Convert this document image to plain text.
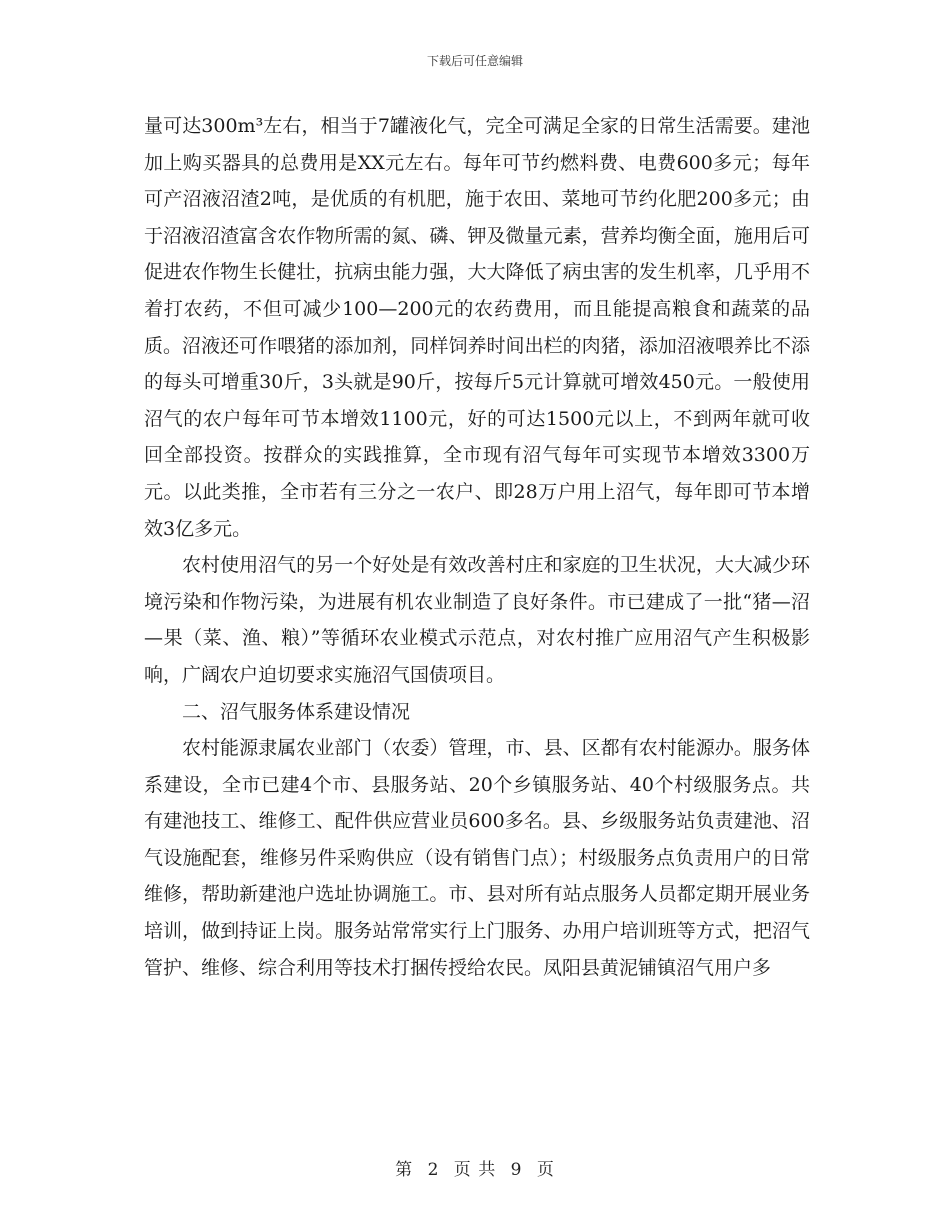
下载后可任意编辑

量可达300m³左右，相当于7罐液化气，完全可满足全家的日常生活需要。建池加上购买器具的总费用是XX元左右。每年可节约燃料费、电费600多元；每年可产沼液沼渣2吨，是优质的有机肥，施于农田、菜地可节约化肥200多元；由于沼液沼渣富含农作物所需的氮、磷、钾及微量元素，营养均衡全面，施用后可促进农作物生长健壮，抗病虫能力强，大大降低了病虫害的发生机率，几乎用不着打农药，不但可减少100—200元的农药费用，而且能提高粮食和蔬菜的品质。沼液还可作喂猪的添加剂，同样饲养时间出栏的肉猪，添加沼液喂养比不添的每头可增重30斤，3头就是90斤，按每斤5元计算就可增效450元。一般使用沼气的农户每年可节本增效1100元，好的可达1500元以上，不到两年就可收回全部投资。按群众的实践推算，全市现有沼气每年可实现节本增效3300万元。以此类推，全市若有三分之一农户、即28万户用上沼气，每年即可节本增效3亿多元。

农村使用沼气的另一个好处是有效改善村庄和家庭的卫生状况，大大减少环境污染和作物污染，为进展有机农业制造了良好条件。市已建成了一批“猪—沼—果（菜、渔、粮）”等循环农业模式示范点，对农村推广应用沼气产生积极影响，广阔农户迫切要求实施沼气国债项目。

二、沼气服务体系建设情况

农村能源隶属农业部门（农委）管理，市、县、区都有农村能源办。服务体系建设，全市已建4个市、县服务站、20个乡镇服务站、40个村级服务点。共有建池技工、维修工、配件供应营业员600多名。县、乡级服务站负责建池、沼气设施配套，维修另件采购供应（设有销售门点）；村级服务点负责用户的日常维修，帮助新建池户选址协调施工。市、县对所有站点服务人员都定期开展业务培训，做到持证上岗。服务站常常实行上门服务、办用户培训班等方式，把沼气管护、维修、综合利用等技术打捆传授给农民。凤阳县黄泥铺镇沼气用户多

第 2 页 共 9 页
